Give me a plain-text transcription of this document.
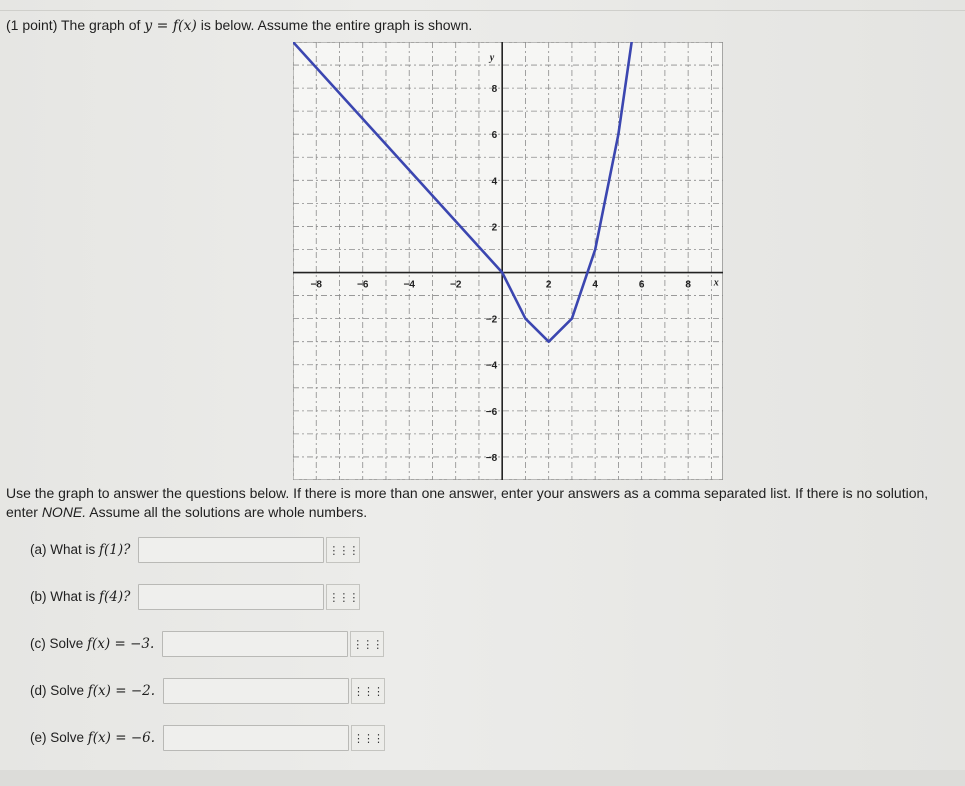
(1 point) The graph of y = f(x) is below. Assume the entire graph is shown.
−8	−6	−4	−2	2	4	6	8
8
6
4
2
−2
−4
−6
−8
x
y
Use the graph to answer the questions below. If there is more than one answer, enter your answers as a comma separated list. If there is no solution, enter NONE. Assume all the solutions are whole numbers.
(a) What is f(1)?	⋮⋮⋮
(b) What is f(4)?	⋮⋮⋮
(c) Solve f(x) = −3.	⋮⋮⋮
(d) Solve f(x) = −2.	⋮⋮⋮
(e) Solve f(x) = −6.	⋮⋮⋮
